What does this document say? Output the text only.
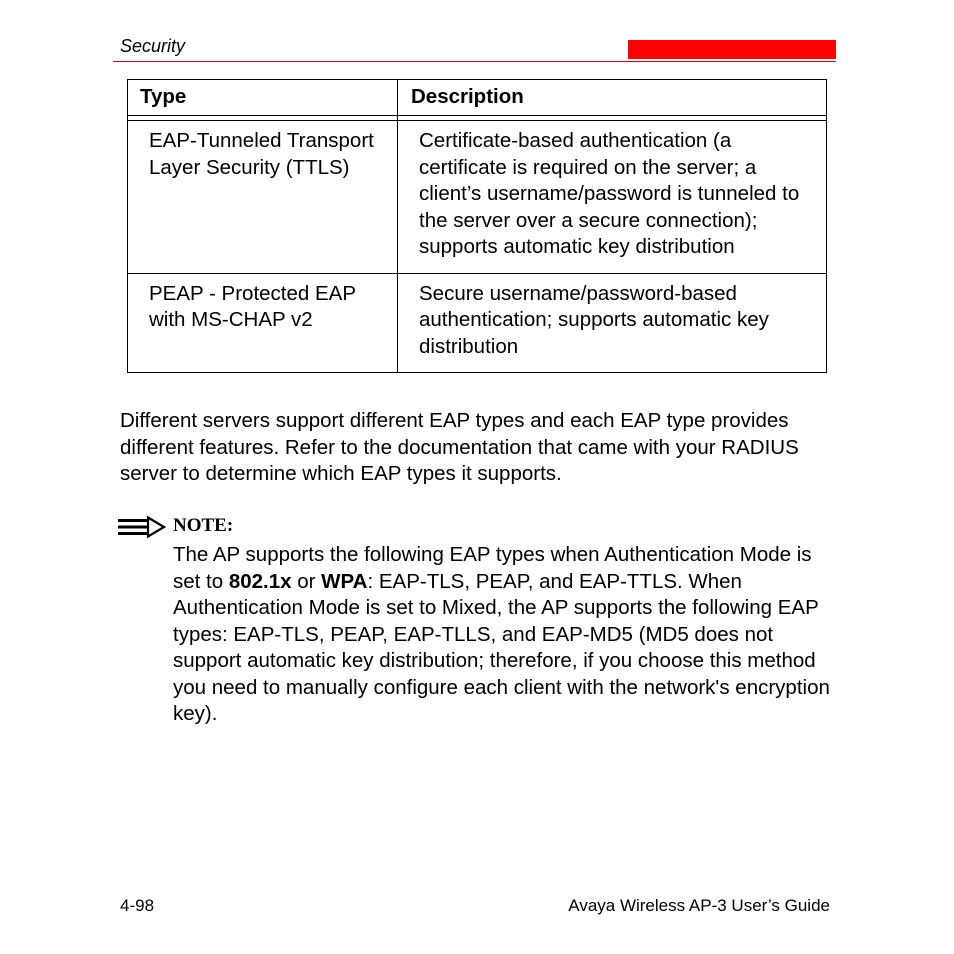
Security
Type	Description

EAP-Tunneled Transport Layer Security (TTLS)	Certificate-based authentication (a certificate is required on the server; a client’s username/password is tunneled to the server over a secure connection); supports automatic key distribution
PEAP - Protected EAP with MS-CHAP v2	Secure username/password-based authentication; supports automatic key distribution

Different servers support different EAP types and each EAP type provides different features. Refer to the documentation that came with your RADIUS server to determine which EAP types it supports.

NOTE:

The AP supports the following EAP types when Authentication Mode is set to 802.1x or WPA: EAP-TLS, PEAP, and EAP-TTLS. When Authentication Mode is set to Mixed, the AP supports the following EAP types: EAP-TLS, PEAP, EAP-TLLS, and EAP-MD5 (MD5 does not support automatic key distribution; therefore, if you choose this method you need to manually configure each client with the network's encryption key).

4-98	Avaya Wireless AP-3 User’s Guide
